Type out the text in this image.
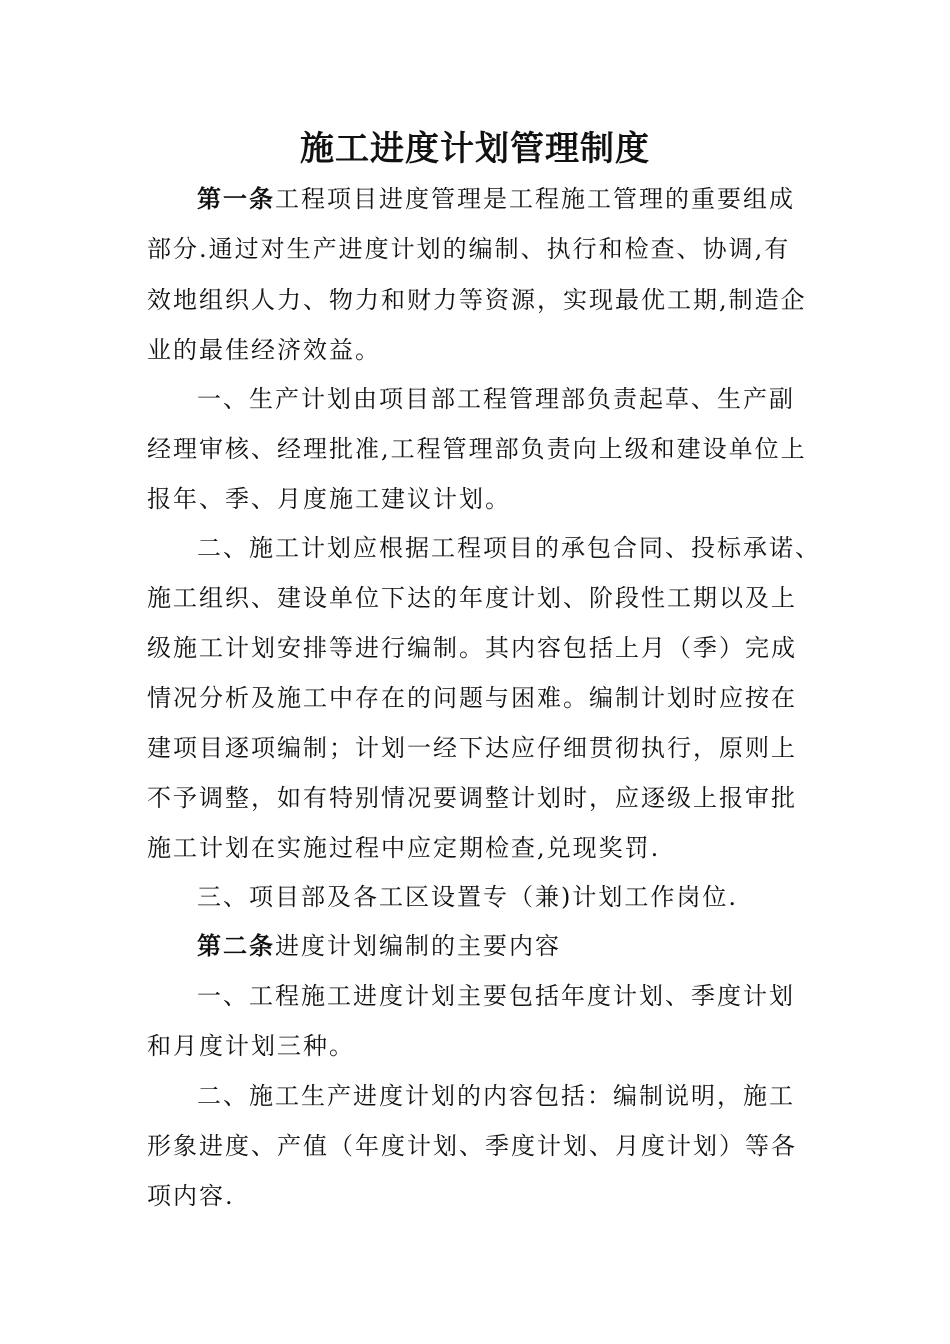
施工进度计划管理制度
第一条工程项目进度管理是工程施工管理的重要组成
部分.通过对生产进度计划的编制、执行和检查、协调,有
效地组织人力、物力和财力等资源，实现最优工期,制造企
业的最佳经济效益。
一、生产计划由项目部工程管理部负责起草、生产副
经理审核、经理批准,工程管理部负责向上级和建设单位上
报年、季、月度施工建议计划。
二、施工计划应根据工程项目的承包合同、投标承诺、
施工组织、建设单位下达的年度计划、阶段性工期以及上
级施工计划安排等进行编制。其内容包括上月（季）完成
情况分析及施工中存在的问题与困难。编制计划时应按在
建项目逐项编制；计划一经下达应仔细贯彻执行，原则上
不予调整，如有特别情况要调整计划时，应逐级上报审批
施工计划在实施过程中应定期检查,兑现奖罚.
三、项目部及各工区设置专（兼)计划工作岗位.
第二条进度计划编制的主要内容
一、工程施工进度计划主要包括年度计划、季度计划
和月度计划三种。
二、施工生产进度计划的内容包括：编制说明，施工
形象进度、产值（年度计划、季度计划、月度计划）等各
项内容.
